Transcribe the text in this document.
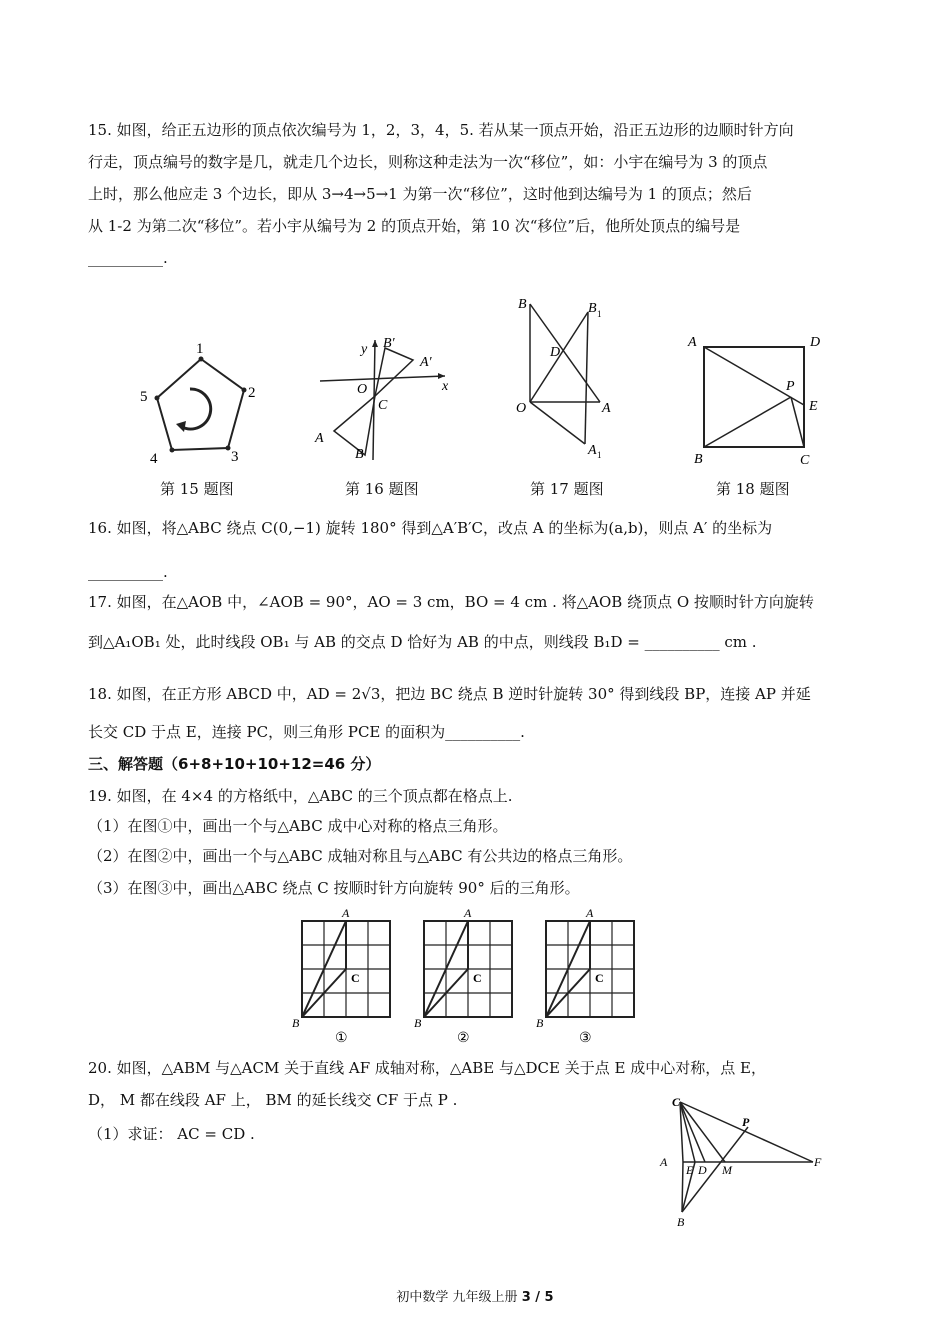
15. 如图，给正五边形的顶点依次编号为 1，2，3，4，5. 若从某一顶点开始，沿正五边形的边顺时针方向
行走，顶点编号的数字是几，就走几个边长，则称这种走法为一次“移位”，如：小宇在编号为 3 的顶点
上时，那么他应走 3 个边长，即从 3→4→5→1 为第一次“移位”，这时他到达编号为 1 的顶点；然后
从 1-2 为第二次“移位”。若小宇从编号为 2 的顶点开始，第 10 次“移位”后，他所处顶点的编号是
__________.
1
2
3
4
5
第 15 题图
y
x
O
C
A
B
B′
A′
第 16 题图
B	B 1
D
O	A
A 1
第 17 题图
A	D
P
E
B	C
第 18 题图
16. 如图，将△ABC 绕点 C(0,−1) 旋转 180° 得到△A′B′C，改点 A 的坐标为(a,b)，则点 A′ 的坐标为
__________.
17. 如图，在△AOB 中，∠AOB = 90°，AO = 3 cm，BO = 4 cm . 将△AOB 绕顶点 O 按顺时针方向旋转
到△A₁OB₁ 处，此时线段 OB₁ 与 AB 的交点 D 恰好为 AB 的中点，则线段 B₁D = __________ cm .
18. 如图，在正方形 ABCD 中，AD = 2√3，把边 BC 绕点 B 逆时针旋转 30° 得到线段 BP，连接 AP 并延
长交 CD 于点 E，连接 PC，则三角形 PCE 的面积为__________.
三、解答题（6+8+10+10+12=46 分）
19. 如图，在 4×4 的方格纸中，△ABC 的三个顶点都在格点上.
（1）在图①中，画出一个与△ABC 成中心对称的格点三角形。
（2）在图②中，画出一个与△ABC 成轴对称且与△ABC 有公共边的格点三角形。
（3）在图③中，画出△ABC 绕点 C 按顺时针方向旋转 90° 后的三角形。
A
B
C
①
A
B
C
②
A
B
C
③
20. 如图，△ABM 与△ACM 关于直线 AF 成轴对称，△ABE 与△DCE 关于点 E 成中心对称，点 E，
D， M 都在线段 AF 上， BM 的延长线交 CF 于点 P .
（1）求证： AC = CD .
C
P
A
E D M
F
B
初中数学 九年级上册 3 / 5
